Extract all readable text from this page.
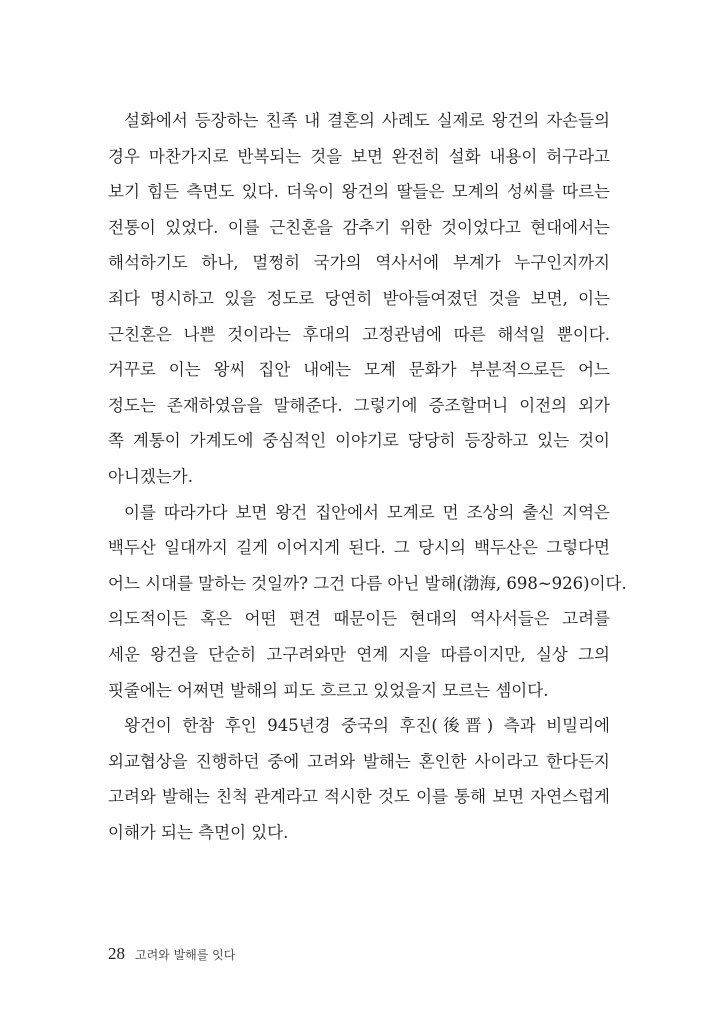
설화에서 등장하는 친족 내 결혼의 사례도 실제로 왕건의 자손들의
경우 마찬가지로 반복되는 것을 보면 완전히 설화 내용이 허구라고
보기 힘든 측면도 있다. 더욱이 왕건의 딸들은 모계의 성씨를 따르는
전통이 있었다. 이를 근친혼을 감추기 위한 것이었다고 현대에서는
해석하기도 하나, 멀쩡히 국가의 역사서에 부계가 누구인지까지
죄다 명시하고 있을 정도로 당연히 받아들여졌던 것을 보면, 이는
근친혼은 나쁜 것이라는 후대의 고정관념에 따른 해석일 뿐이다.
거꾸로 이는 왕씨 집안 내에는 모계 문화가 부분적으로든 어느
정도는 존재하였음을 말해준다. 그렇기에 증조할머니 이전의 외가
쪽 계통이 가계도에 중심적인 이야기로 당당히 등장하고 있는 것이
아니겠는가.
이를 따라가다 보면 왕건 집안에서 모계로 먼 조상의 출신 지역은
백두산 일대까지 길게 이어지게 된다. 그 당시의 백두산은 그렇다면
어느 시대를 말하는 것일까? 그건 다름 아닌 발해(渤海, 698~926)이다.
의도적이든 혹은 어떤 편견 때문이든 현대의 역사서들은 고려를
세운 왕건을 단순히 고구려와만 연계 지을 따름이지만, 실상 그의
핏줄에는 어쩌면 발해의 피도 흐르고 있었을지 모르는 셈이다.
왕건이 한참 후인 945년경 중국의 후진(後晋) 측과 비밀리에
외교협상을 진행하던 중에 고려와 발해는 혼인한 사이라고 한다든지
고려와 발해는 친척 관계라고 적시한 것도 이를 통해 보면 자연스럽게
이해가 되는 측면이 있다.
28 고려와 발해를 잇다
